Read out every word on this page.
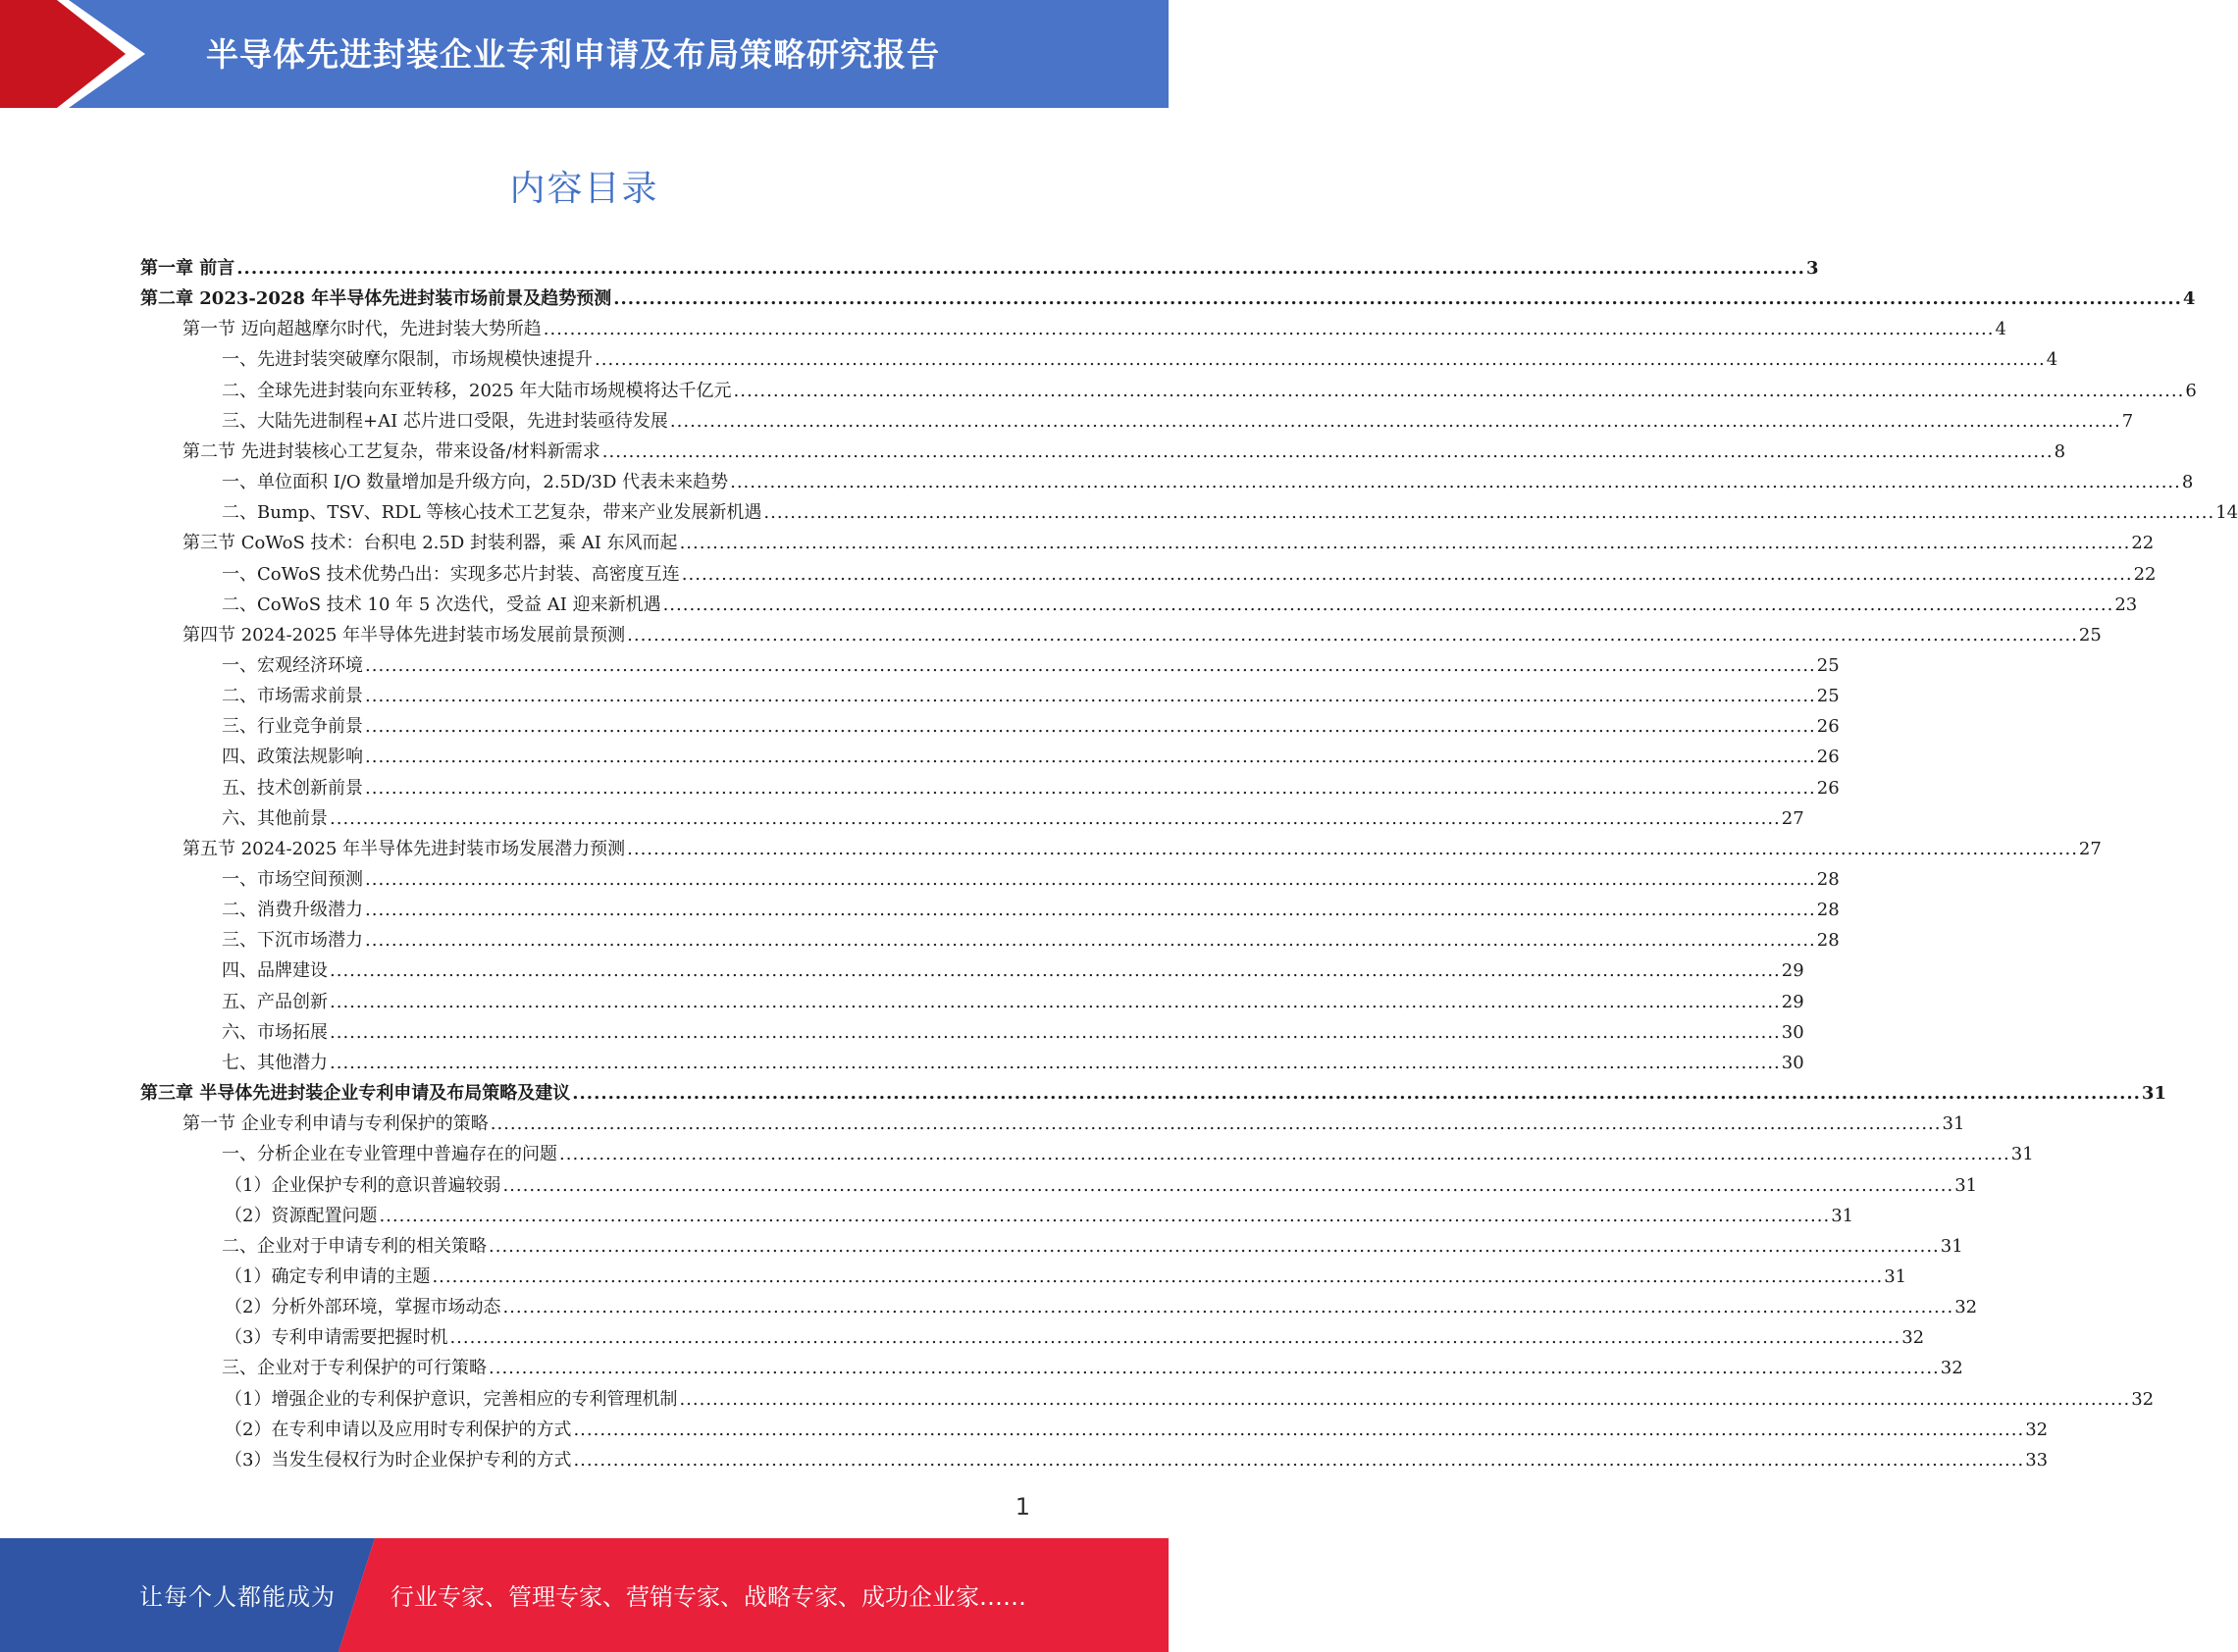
半导体先进封装企业专利申请及布局策略研究报告
内容目录
第一章 前言 ............................................................................................................................................................................................................................ 3
第二章 2023-2028 年半导体先进封装市场前景及趋势预测 ............................................................................................................................................................................................................................ 4
第一节 迈向超越摩尔时代，先进封装大势所趋 ............................................................................................................................................................................................................................ 4
一、先进封装突破摩尔限制，市场规模快速提升 ............................................................................................................................................................................................................................ 4
二、全球先进封装向东亚转移，2025 年大陆市场规模将达千亿元 ............................................................................................................................................................................................................................ 6
三、大陆先进制程+AI 芯片进口受限，先进封装亟待发展 ............................................................................................................................................................................................................................ 7
第二节 先进封装核心工艺复杂，带来设备/材料新需求 ............................................................................................................................................................................................................................ 8
一、单位面积 I/O 数量增加是升级方向，2.5D/3D 代表未来趋势 ............................................................................................................................................................................................................................ 8
二、Bump、TSV、RDL 等核心技术工艺复杂，带来产业发展新机遇 ............................................................................................................................................................................................................................ 14
第三节 CoWoS 技术：台积电 2.5D 封装利器，乘 AI 东风而起 ............................................................................................................................................................................................................................ 22
一、CoWoS 技术优势凸出：实现多芯片封装、高密度互连 ............................................................................................................................................................................................................................ 22
二、CoWoS 技术 10 年 5 次迭代，受益 AI 迎来新机遇 ............................................................................................................................................................................................................................ 23
第四节 2024-2025 年半导体先进封装市场发展前景预测 ............................................................................................................................................................................................................................ 25
一、宏观经济环境 ............................................................................................................................................................................................................................ 25
二、市场需求前景 ............................................................................................................................................................................................................................ 25
三、行业竞争前景 ............................................................................................................................................................................................................................ 26
四、政策法规影响 ............................................................................................................................................................................................................................ 26
五、技术创新前景 ............................................................................................................................................................................................................................ 26
六、其他前景 ............................................................................................................................................................................................................................ 27
第五节 2024-2025 年半导体先进封装市场发展潜力预测 ............................................................................................................................................................................................................................ 27
一、市场空间预测 ............................................................................................................................................................................................................................ 28
二、消费升级潜力 ............................................................................................................................................................................................................................ 28
三、下沉市场潜力 ............................................................................................................................................................................................................................ 28
四、品牌建设 ............................................................................................................................................................................................................................ 29
五、产品创新 ............................................................................................................................................................................................................................ 29
六、市场拓展 ............................................................................................................................................................................................................................ 30
七、其他潜力 ............................................................................................................................................................................................................................ 30
第三章 半导体先进封装企业专利申请及布局策略及建议 ............................................................................................................................................................................................................................ 31
第一节 企业专利申请与专利保护的策略 ............................................................................................................................................................................................................................ 31
一、分析企业在专业管理中普遍存在的问题 ............................................................................................................................................................................................................................ 31
（1）企业保护专利的意识普遍较弱 ............................................................................................................................................................................................................................ 31
（2）资源配置问题 ............................................................................................................................................................................................................................ 31
二、企业对于申请专利的相关策略 ............................................................................................................................................................................................................................ 31
（1）确定专利申请的主题 ............................................................................................................................................................................................................................ 31
（2）分析外部环境，掌握市场动态 ............................................................................................................................................................................................................................ 32
（3）专利申请需要把握时机 ............................................................................................................................................................................................................................ 32
三、企业对于专利保护的可行策略 ............................................................................................................................................................................................................................ 32
（1）增强企业的专利保护意识，完善相应的专利管理机制 ............................................................................................................................................................................................................................ 32
（2）在专利申请以及应用时专利保护的方式 ............................................................................................................................................................................................................................ 32
（3）当发生侵权行为时企业保护专利的方式 ............................................................................................................................................................................................................................ 33
1
让每个人都能成为 行业专家、管理专家、营销专家、战略专家、成功企业家……
